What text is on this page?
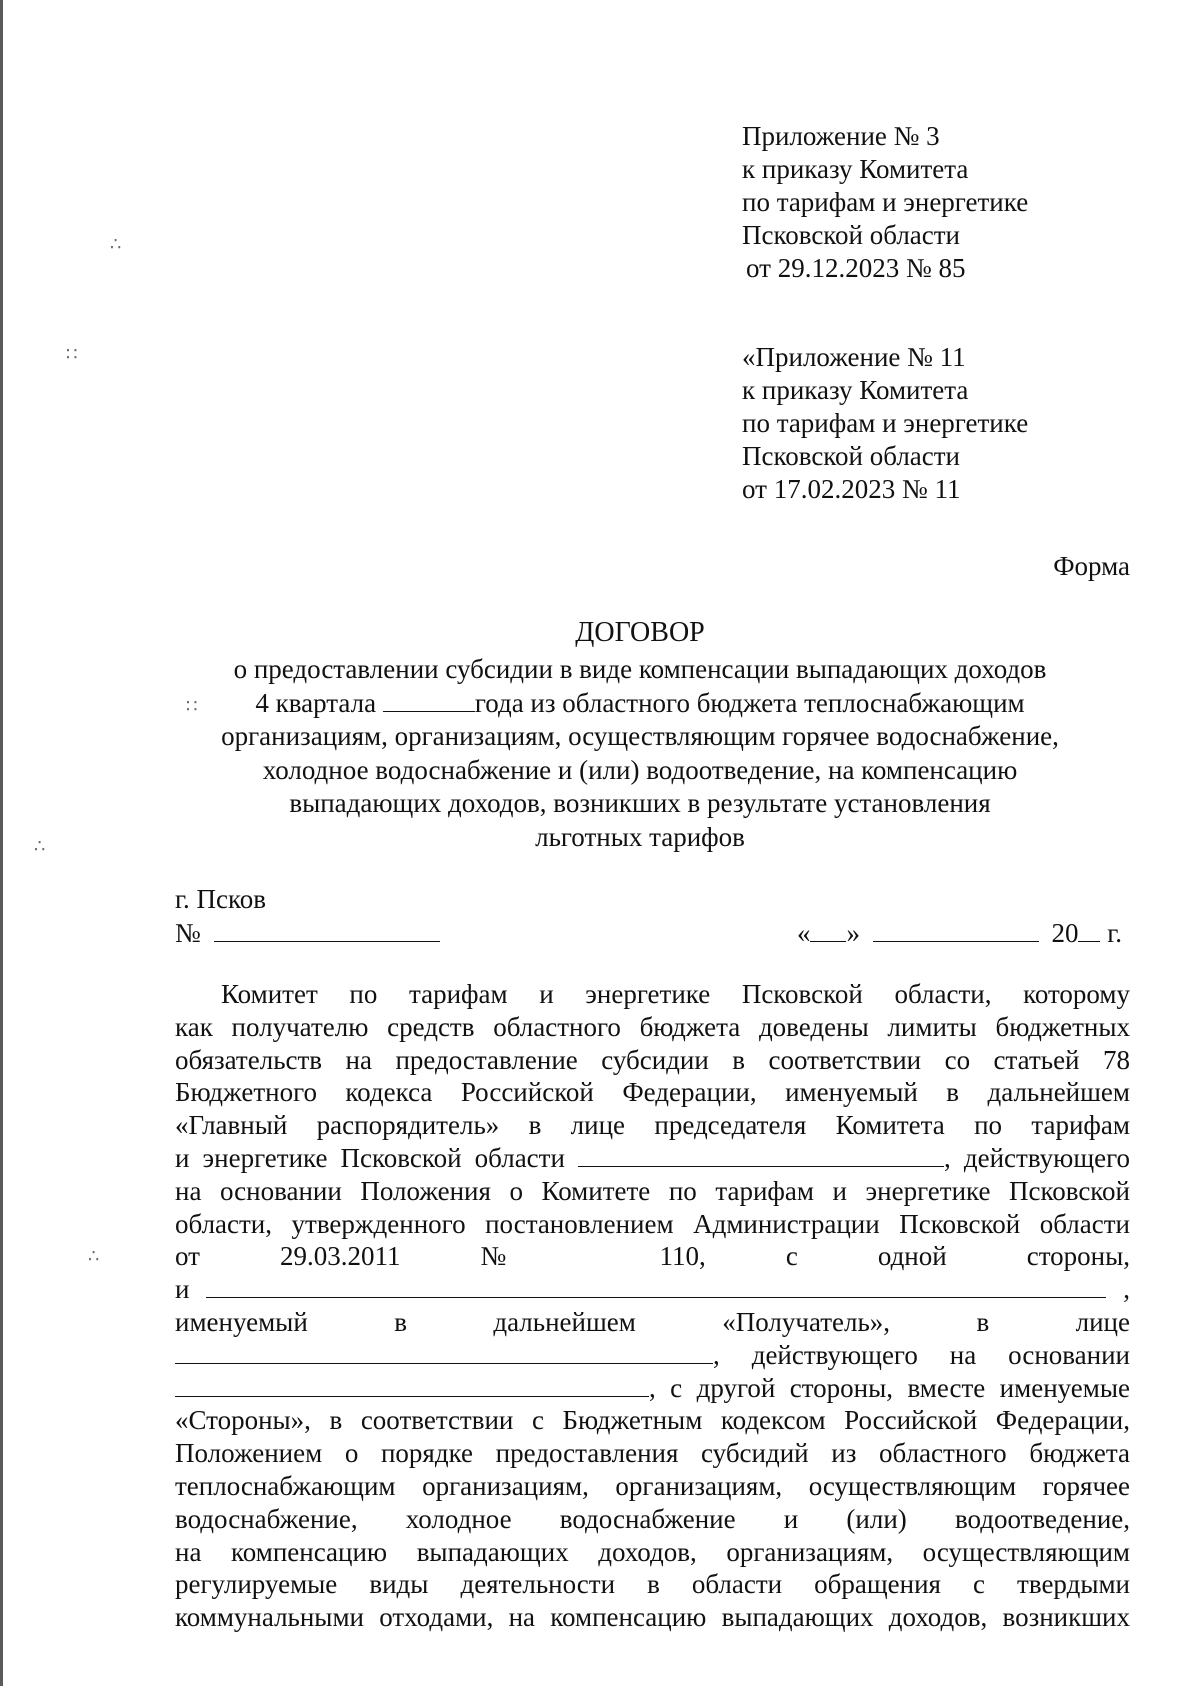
∴
∷
∴
∷
∴
Приложение № 3
к приказу Комитета
по тарифам и энергетике
Псковской области
от 29.12.2023 № 85
«Приложение № 11
к приказу Комитета
по тарифам и энергетике
Псковской области
от 17.02.2023 № 11
Форма
ДОГОВОР
о предоставлении субсидии в виде компенсации выпадающих доходов
4 квартала	года из областного бюджета теплоснабжающим
организациям, организациям, осуществляющим горячее водоснабжение,
холодное водоснабжение и (или) водоотведение, на компенсацию
выпадающих доходов, возникших в результате установления
льготных тарифов
г. Псков
№	« »	20 г.
Комитет по тарифам и энергетике Псковской области, которому
как получателю средств областного бюджета доведены лимиты бюджетных
обязательств на предоставление субсидии в соответствии со статьей 78
Бюджетного кодекса Российской Федерации, именуемый в дальнейшем
«Главный распорядитель» в лице председателя Комитета по тарифам
и энергетике Псковской области	, действующего
на основании Положения о Комитете по тарифам и энергетике Псковской
области, утвержденного постановлением Администрации Псковской области
от 29.03.2011 № 110, с одной стороны,
и	,
именуемый в дальнейшем «Получатель», в лице
, действующего на основании
, с другой стороны, вместе именуемые
«Стороны», в соответствии с Бюджетным кодексом Российской Федерации,
Положением о порядке предоставления субсидий из областного бюджета
теплоснабжающим организациям, организациям, осуществляющим горячее
водоснабжение, холодное водоснабжение и (или) водоотведение,
на компенсацию выпадающих доходов, организациям, осуществляющим
регулируемые виды деятельности в области обращения с твердыми
коммунальными отходами, на компенсацию выпадающих доходов, возникших
